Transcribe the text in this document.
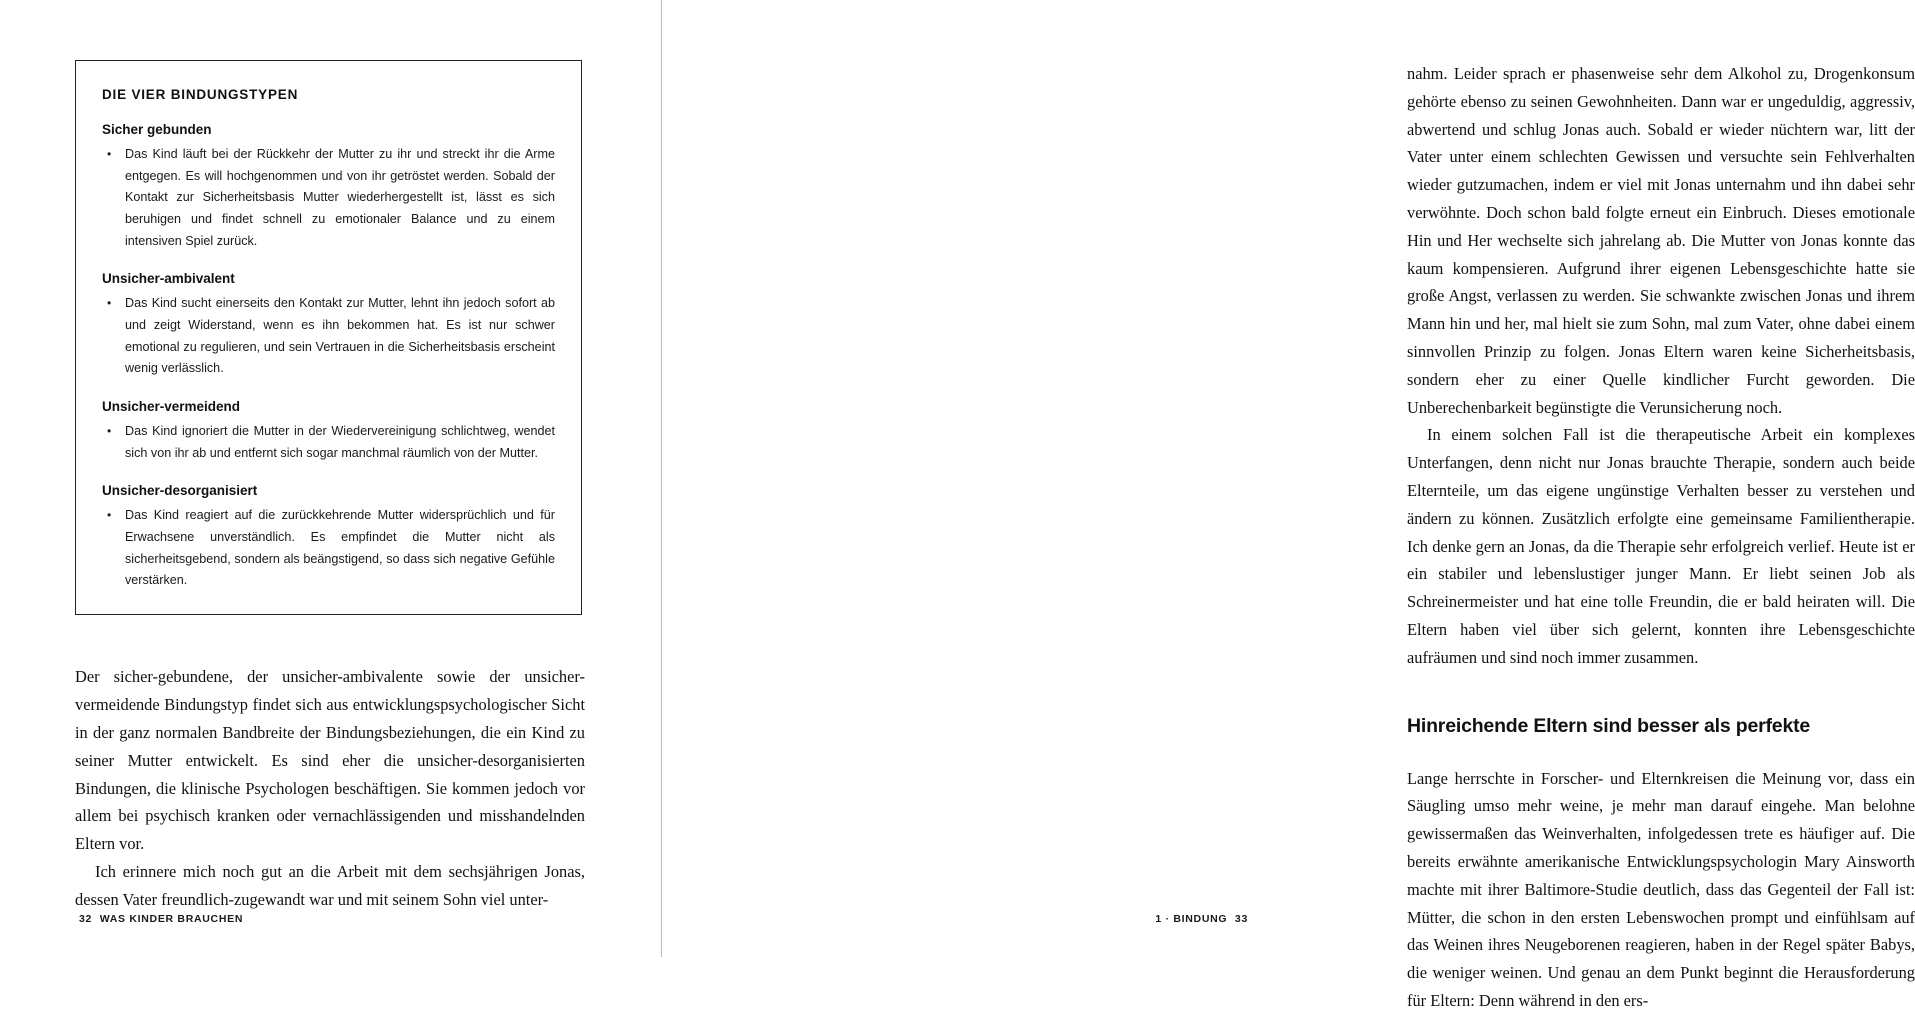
DIE VIER BINDUNGSTYPEN
Sicher gebunden
• Das Kind läuft bei der Rückkehr der Mutter zu ihr und streckt ihr die Arme entgegen. Es will hochgenommen und von ihr getröstet werden. Sobald der Kontakt zur Sicherheitsbasis Mutter wiederhergestellt ist, lässt es sich beruhigen und findet schnell zu emotionaler Balance und zu einem intensiven Spiel zurück.
Unsicher-ambivalent
• Das Kind sucht einerseits den Kontakt zur Mutter, lehnt ihn jedoch sofort ab und zeigt Widerstand, wenn es ihn bekommen hat. Es ist nur schwer emotional zu regulieren, und sein Vertrauen in die Sicherheitsbasis erscheint wenig verlässlich.
Unsicher-vermeidend
• Das Kind ignoriert die Mutter in der Wiedervereinigung schlichtweg, wendet sich von ihr ab und entfernt sich sogar manchmal räumlich von der Mutter.
Unsicher-desorganisiert
• Das Kind reagiert auf die zurückkehrende Mutter widersprüchlich und für Erwachsene unverständlich. Es empfindet die Mutter nicht als sicherheitsgebend, sondern als beängstigend, so dass sich negative Gefühle verstärken.

Der sicher-gebundene, der unsicher-ambivalente sowie der unsicher-vermeidende Bindungstyp findet sich aus entwicklungspsychologischer Sicht in der ganz normalen Bandbreite der Bindungsbeziehungen, die ein Kind zu seiner Mutter entwickelt. Es sind eher die unsicher-desorganisierten Bindungen, die klinische Psychologen beschäftigen. Sie kommen jedoch vor allem bei psychisch kranken oder vernachlässigenden und misshandelnden Eltern vor.

Ich erinnere mich noch gut an die Arbeit mit dem sechsjährigen Jonas, dessen Vater freundlich-zugewandt war und mit seinem Sohn viel unter-

32 WAS KINDER BRAUCHEN

nahm. Leider sprach er phasenweise sehr dem Alkohol zu, Drogenkonsum gehörte ebenso zu seinen Gewohnheiten. Dann war er ungeduldig, aggressiv, abwertend und schlug Jonas auch. Sobald er wieder nüchtern war, litt der Vater unter einem schlechten Gewissen und versuchte sein Fehlverhalten wieder gutzumachen, indem er viel mit Jonas unternahm und ihn dabei sehr verwöhnte. Doch schon bald folgte erneut ein Einbruch. Dieses emotionale Hin und Her wechselte sich jahrelang ab. Die Mutter von Jonas konnte das kaum kompensieren. Aufgrund ihrer eigenen Lebensgeschichte hatte sie große Angst, verlassen zu werden. Sie schwankte zwischen Jonas und ihrem Mann hin und her, mal hielt sie zum Sohn, mal zum Vater, ohne dabei einem sinnvollen Prinzip zu folgen. Jonas Eltern waren keine Sicherheitsbasis, sondern eher zu einer Quelle kindlicher Furcht geworden. Die Unberechenbarkeit begünstigte die Verunsicherung noch.

In einem solchen Fall ist die therapeutische Arbeit ein komplexes Unterfangen, denn nicht nur Jonas brauchte Therapie, sondern auch beide Elternteile, um das eigene ungünstige Verhalten besser zu verstehen und ändern zu können. Zusätzlich erfolgte eine gemeinsame Familientherapie. Ich denke gern an Jonas, da die Therapie sehr erfolgreich verlief. Heute ist er ein stabiler und lebenslustiger junger Mann. Er liebt seinen Job als Schreinermeister und hat eine tolle Freundin, die er bald heiraten will. Die Eltern haben viel über sich gelernt, konnten ihre Lebensgeschichte aufräumen und sind noch immer zusammen.

Hinreichende Eltern sind besser als perfekte

Lange herrschte in Forscher- und Elternkreisen die Meinung vor, dass ein Säugling umso mehr weine, je mehr man darauf eingehe. Man belohne gewissermaßen das Weinverhalten, infolgedessen trete es häufiger auf. Die bereits erwähnte amerikanische Entwicklungspsychologin Mary Ainsworth machte mit ihrer Baltimore-Studie deutlich, dass das Gegenteil der Fall ist: Mütter, die schon in den ersten Lebenswochen prompt und einfühlsam auf das Weinen ihres Neugeborenen reagieren, haben in der Regel später Babys, die weniger weinen. Und genau an dem Punkt beginnt die Herausforderung für Eltern: Denn während in den ers-

1 · BINDUNG 33
